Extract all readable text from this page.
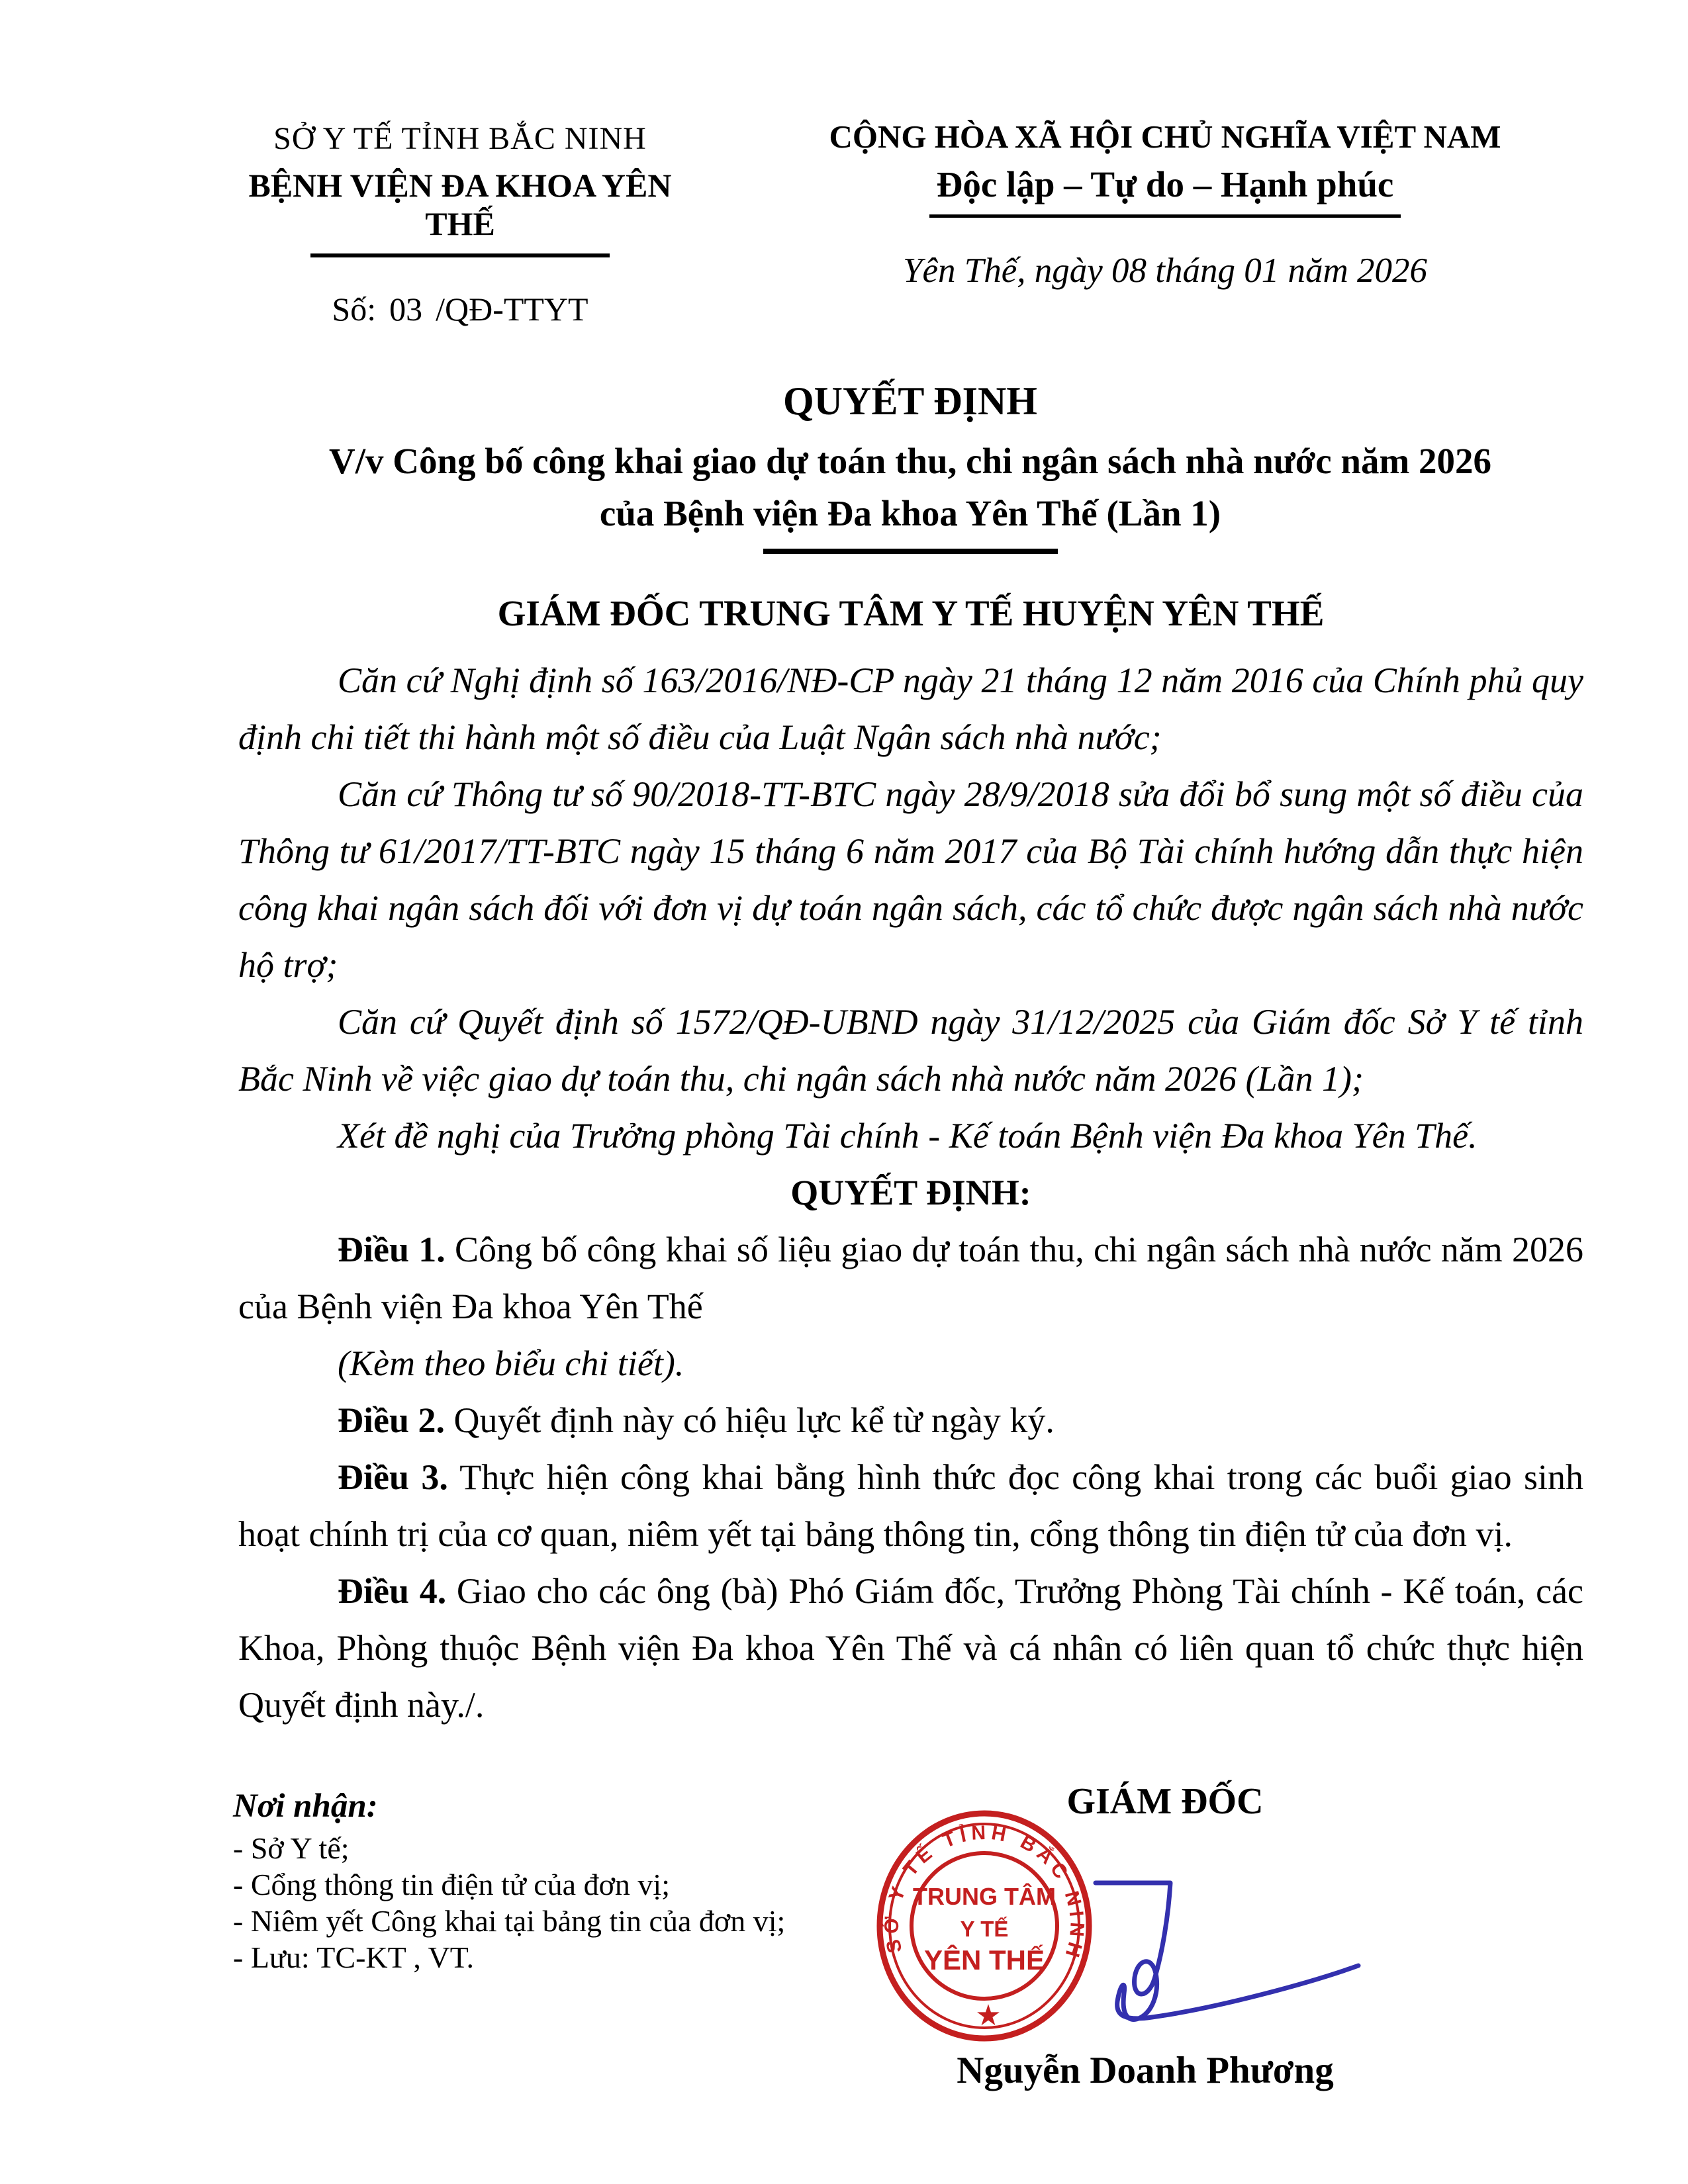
SỞ Y TẾ TỈNH BẮC NINH
BỆNH VIỆN ĐA KHOA YÊN THẾ
CỘNG HÒA XÃ HỘI CHỦ NGHĨA VIỆT NAM
Độc lập – Tự do – Hạnh phúc
Yên Thế, ngày 08 tháng 01 năm 2026
Số: 03 /QĐ-TTYT
QUYẾT ĐỊNH
V/v Công bố công khai giao dự toán thu, chi ngân sách nhà nước năm 2026
của Bệnh viện Đa khoa Yên Thế (Lần 1)
GIÁM ĐỐC TRUNG TÂM Y TẾ HUYỆN YÊN THẾ

Căn cứ Nghị định số 163/2016/NĐ-CP ngày 21 tháng 12 năm 2016 của Chính phủ quy định chi tiết thi hành một số điều của Luật Ngân sách nhà nước;

Căn cứ Thông tư số 90/2018-TT-BTC ngày 28/9/2018 sửa đổi bổ sung một số điều của Thông tư 61/2017/TT-BTC ngày 15 tháng 6 năm 2017 của Bộ Tài chính hướng dẫn thực hiện công khai ngân sách đối với đơn vị dự toán ngân sách, các tổ chức được ngân sách nhà nước hộ trợ;

Căn cứ Quyết định số 1572/QĐ-UBND ngày 31/12/2025 của Giám đốc Sở Y tế tỉnh Bắc Ninh về việc giao dự toán thu, chi ngân sách nhà nước năm 2026 (Lần 1);

Xét đề nghị của Trưởng phòng Tài chính - Kế toán Bệnh viện Đa khoa Yên Thế.

QUYẾT ĐỊNH:

Điều 1. Công bố công khai số liệu giao dự toán thu, chi ngân sách nhà nước năm 2026 của Bệnh viện Đa khoa Yên Thế

(Kèm theo biểu chi tiết).

Điều 2. Quyết định này có hiệu lực kể từ ngày ký.

Điều 3. Thực hiện công khai bằng hình thức đọc công khai trong các buổi giao sinh hoạt chính trị của cơ quan, niêm yết tại bảng thông tin, cổng thông tin điện tử của đơn vị.

Điều 4. Giao cho các ông (bà) Phó Giám đốc, Trưởng Phòng Tài chính - Kế toán, các Khoa, Phòng thuộc Bệnh viện Đa khoa Yên Thế và cá nhân có liên quan tổ chức thực hiện Quyết định này./.

Nơi nhận:
- Sở Y tế;
- Cổng thông tin điện tử của đơn vị;
- Niêm yết Công khai tại bảng tin của đơn vị;
- Lưu: TC-KT , VT.
GIÁM ĐỐC
SỞ Y TẾ TỈNH BẮC NINH
TRUNG TÂM
Y TẾ
YÊN THẾ
★
Nguyễn Doanh Phương
